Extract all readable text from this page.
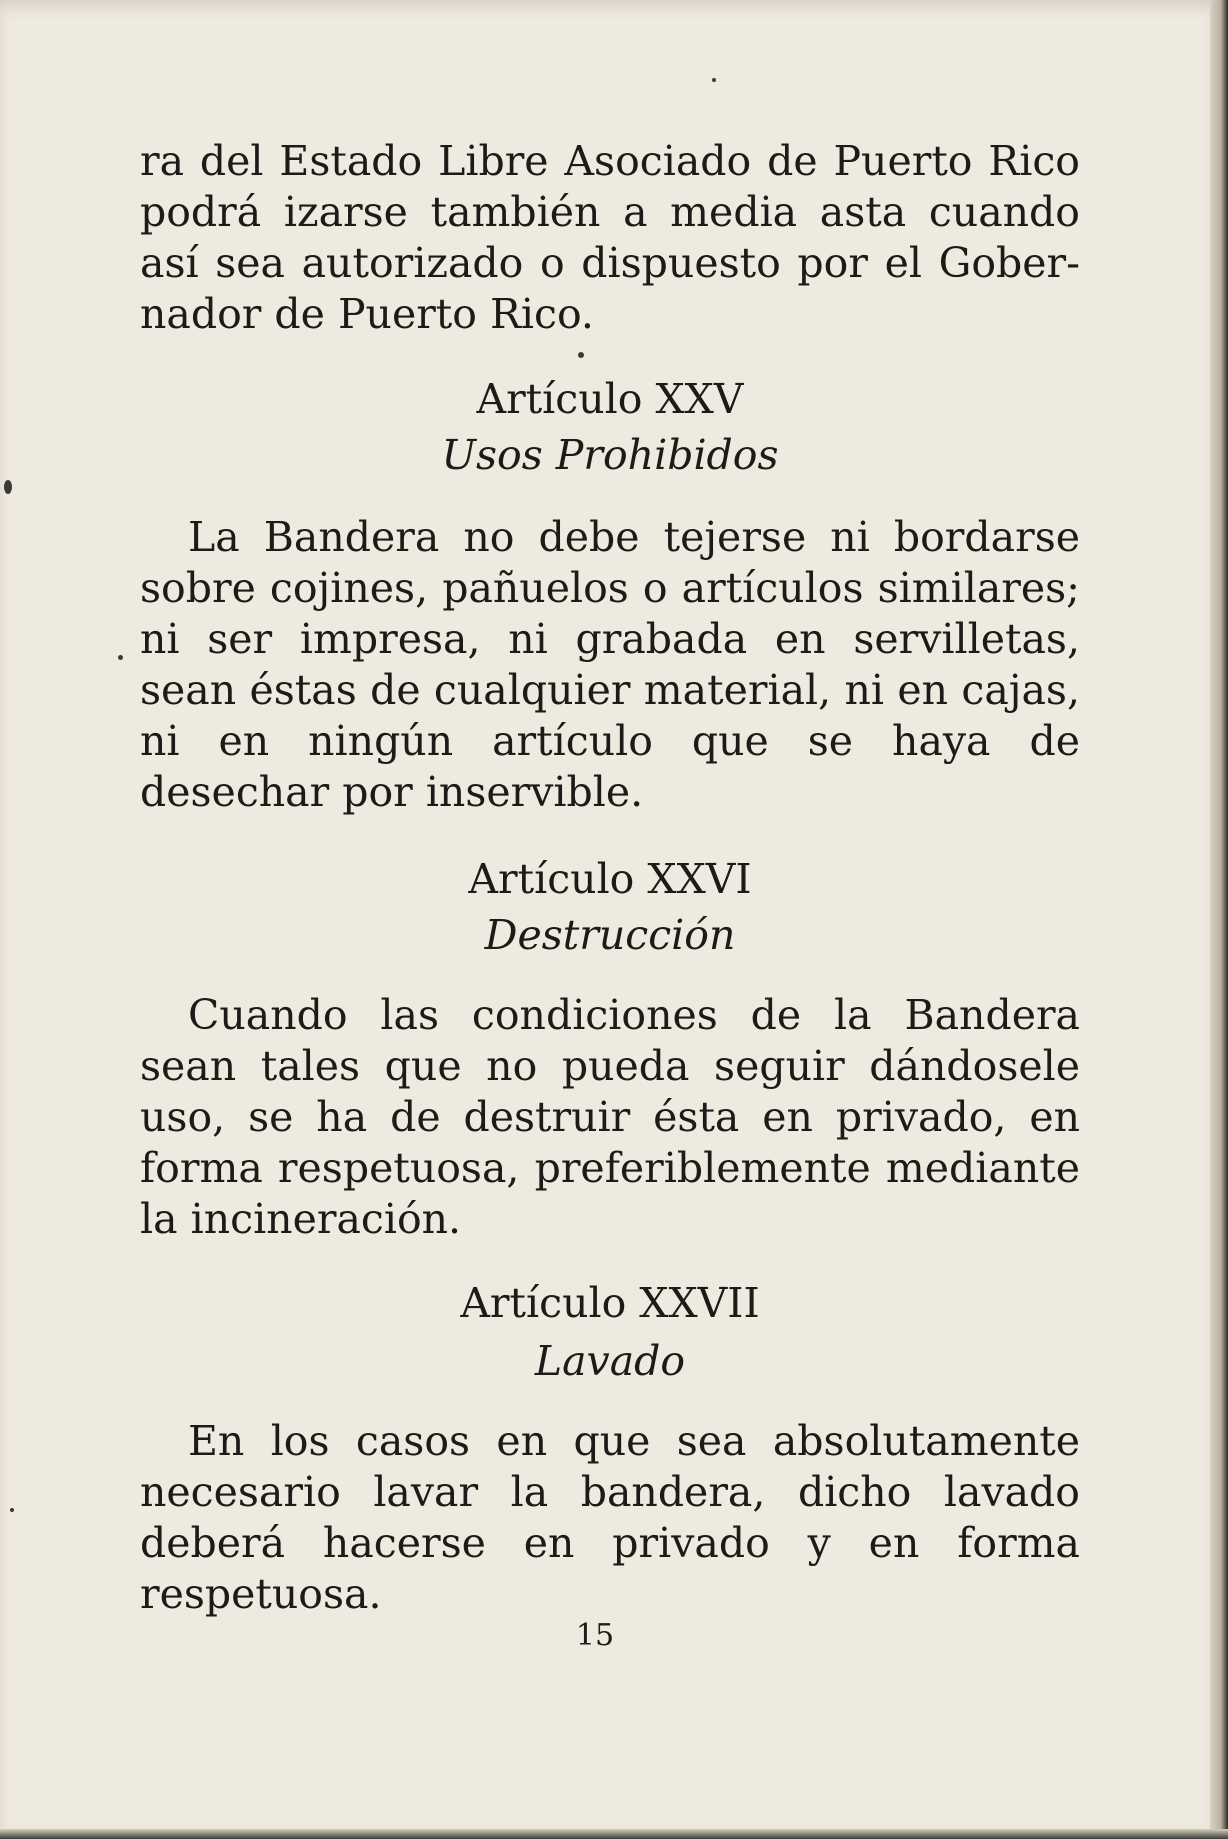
ra del Estado Libre Asociado de Puerto Rico podrá izarse también a media asta cuando así sea autorizado o dispuesto por el Gober-nador de Puerto Rico.

Artículo XXV

Usos Prohibidos

La Bandera no debe tejerse ni bordarse sobre cojines, pañuelos o artículos similares; ni ser impresa, ni grabada en servilletas, sean éstas de cualquier material, ni en cajas, ni en ningún artículo que se haya de desechar por inservible.

Artículo XXVI

Destrucción

Cuando las condiciones de la Bandera sean tales que no pueda seguir dándosele uso, se ha de destruir ésta en privado, en forma respetuosa, preferiblemente mediante la incineración.

Artículo XXVII

Lavado

En los casos en que sea absolutamente necesario lavar la bandera, dicho lavado deberá hacerse en privado y en forma respetuosa.

15
